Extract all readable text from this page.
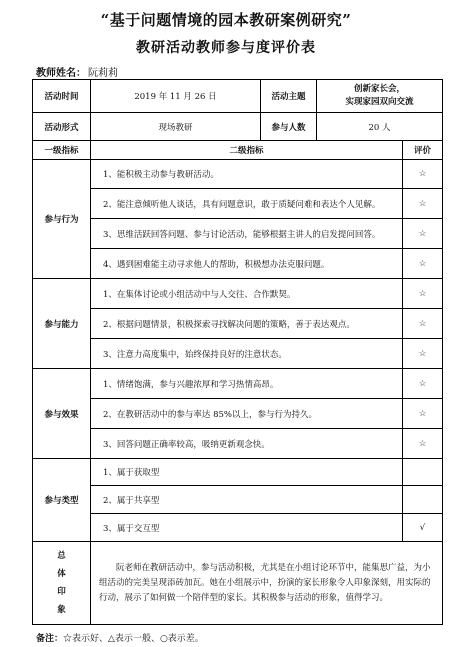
“基于问题情境的园本教研案例研究”
教研活动教师参与度评价表
教师姓名： 阮莉莉
活动时间	2019 年 11 月 26 日	活动主题	创新家长会，
实现家园双向交流	

活动形式	现场教研	参与人数	20 人	
一级指标	二级指标			评价
参与行为	1、能积极主动参与教研活动。			☆
	2、能注意倾听他人谈话，具有问题意识，敢于质疑问难和表达个人见解。			☆
	3、思维活跃回答问题、参与讨论活动，能够根据主讲人的启发提问回答。			☆
	4、遇到困难能主动寻求他人的帮助，积极想办法克服问题。			☆
参与能力	1、在集体讨论或小组活动中与人交往、合作默契。			☆
	2、根据问题情景，积极探索寻找解决问题的策略，善于表达观点。			☆
	3、注意力高度集中，始终保持良好的注意状态。			☆
参与效果	1、情绪饱满，参与兴趣浓厚和学习热情高昂。			☆
	2、在教研活动中的参与率达 85%以上，参与行为持久。			☆
	3、回答问题正确率较高，吸纳更新观念快。			☆
参与类型	1、属于获取型			
	2、属于共享型			
	3、属于交互型			√

总
体
印
象	阮老师在教研活动中，参与活动积极，尤其是在小组讨论环节中，能集思广益，为小组活动的完美呈现添砖加瓦。她在小组展示中，扮演的家长形象令人印象深刻，用实际的行动，展示了如何做一个陪伴型的家长。其积极参与活动的形象，值得学习。			
备注：☆表示好、△表示一般、○表示差。
